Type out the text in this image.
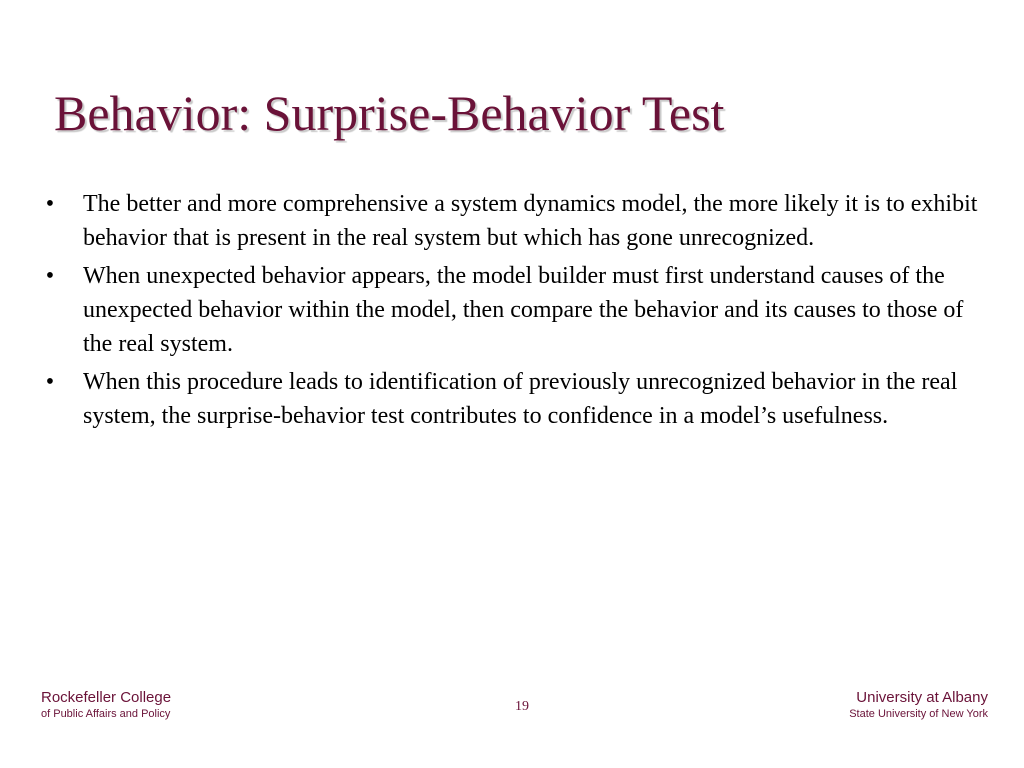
Behavior: Surprise-Behavior Test
• The better and more comprehensive a system dynamics model, the more likely it is to exhibit behavior that is present in the real system but which has gone unrecognized.
• When unexpected behavior appears, the model builder must first understand causes of the unexpected behavior within the model, then compare the behavior and its causes to those of the real system.
• When this procedure leads to identification of previously unrecognized behavior in the real system, the surprise-behavior test contributes to confidence in a model’s usefulness.
Rockefeller College
of Public Affairs and Policy	19
University at Albany
State University of New York
